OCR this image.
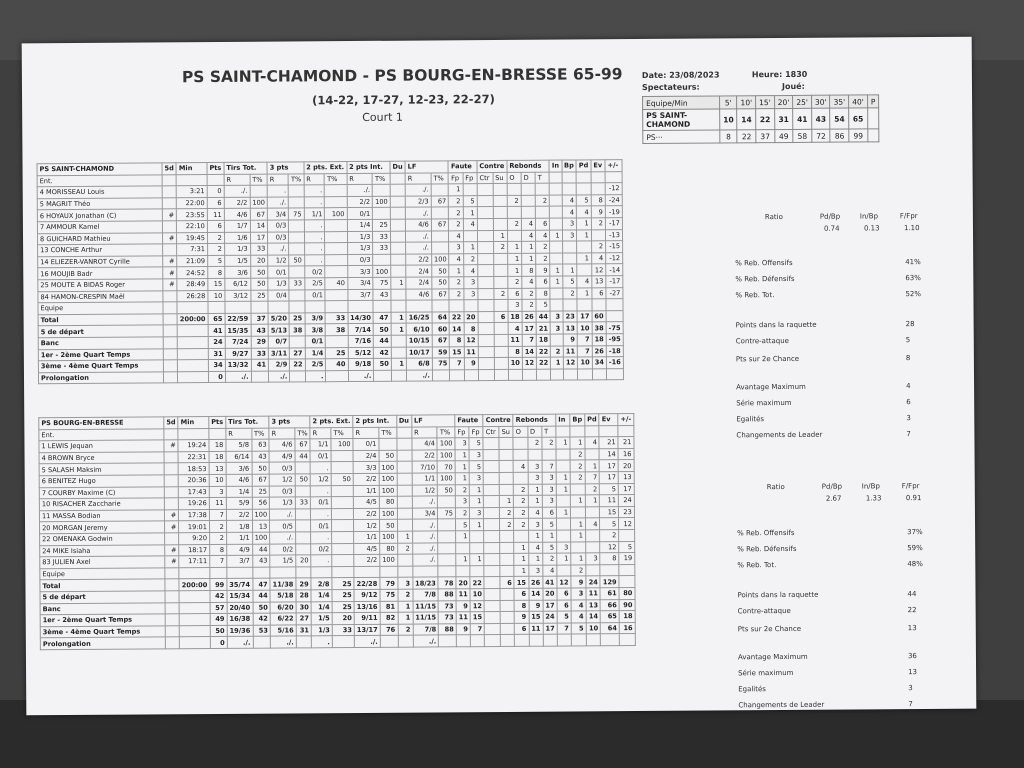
PS SAINT-CHAMOND - PS BOURG-EN-BRESSE 65-99
(14-22, 17-27, 12-23, 22-27)
Court 1
Date: 23/08/2023	Heure: 1830
Spectateurs:	Joué:
Equipe/Min	5'	10'	15'	20'	25'	30'	35'	40'	P
PS SAINT-CHAMOND	10	14	22	31	41	43	54	65	
PS···	8	22	37	49	58	72	86	99	
PS SAINT-CHAMOND	5d	Min	Pts	Tirs Tot.		3 pts		2 pts. Ext.		2 pts Int.		Du	LF		Faute		Contre		Rebonds			In	Bp	Pd	Ev	+/-
Ent.				R	T%	R	T%	R	T%	R	T%		R	T%	Fp	Fp	Ctr	Su	O	D	T					
4 MORISSEAU Louis		3:21	0	./.		.		.		./.			./.		1											-12
5 MAGRIT Théo		22:00	6	2/2	100	./.		.		2/2	100		2/3	67	2	5			2		2		4	5	8	-24
6 HOYAUX Jonathan (C)	#	23:55	11	4/6	67	3/4	75	1/1	100	0/1			./.		2	1							4	4	9	-19
7 AMMOUR Kamel		22:10	6	1/7	14	0/3		.		1/4	25		4/6	67	2	4			2	4	6		3	1	2	-17
8 GUICHARD Mathieu	#	19:45	2	1/6	17	0/3		.		1/3	33		./.		4			1		4	4	1	3	1		-13
13 CONCHE Arthur		7:31	2	1/3	33	./.		.		1/3	33		./.		3	1		2	1	1	2				2	-15
14 ELIEZER-VANROT Cyrille	#	21:09	5	1/5	20	1/2	50	.		0/3			2/2	100	4	2			1	1	2			1	4	-12
16 MOUJIB Badr	#	24:52	8	3/6	50	0/1		0/2		3/3	100		2/4	50	1	4			1	8	9	1	1		12	-14
25 MOUTE A BIDAS Roger	#	28:49	15	6/12	50	1/3	33	2/5	40	3/4	75	1	2/4	50	2	3			2	4	6	1	5	4	13	-17
84 HAMON-CRESPIN Maël		26:28	10	3/12	25	0/4		0/1		3/7	43		4/6	67	2	3		2	6	2	8		2	1	6	-27
Equipe																			3	2	5					
Total		200:00	65	22/59	37	5/20	25	3/9	33	14/30	47	1	16/25	64	22	20		6	18	26	44	3	23	17	60	
5 de départ			41	15/35	43	5/13	38	3/8	38	7/14	50	1	6/10	60	14	8			4	17	21	3	13	10	38	-75
Banc			24	7/24	29	0/7		0/1		7/16	44		10/15	67	8	12			11	7	18		9	7	18	-95
1er - 2ème Quart Temps			31	9/27	33	3/11	27	1/4	25	5/12	42		10/17	59	15	11			8	14	22	2	11	7	26	-18
3ème - 4ème Quart Temps			34	13/32	41	2/9	22	2/5	40	9/18	50	1	6/8	75	7	9			10	12	22	1	12	10	34	-16
Prolongation			0	./.		./.		.		./.			./.													
PS BOURG-EN-BRESSE	5d	Min	Pts	Tirs Tot.		3 pts		2 pts. Ext.		2 pts Int.		Du	LF		Faute		Contre		Rebonds			In	Bp	Pd	Ev	+/-
Ent.				R	T%	R	T%	R	T%	R	T%		R	T%	Fp	Fp	Ctr	Su	O	D	T					
1 LEWIS Jequan	#	19:24	18	5/8	63	4/6	67	1/1	100	0/1			4/4	100	3	5				2	2	1	1	4	21	21
4 BROWN Bryce		22:31	18	6/14	43	4/9	44	0/1		2/4	50		2/2	100	1	3							2		14	16
5 SALASH Maksim		18:53	13	3/6	50	0/3		.		3/3	100		7/10	70	1	5			4	3	7		2	1	17	20
6 BENITEZ Hugo		20:36	10	4/6	67	1/2	50	1/2	50	2/2	100		1/1	100	1	3				3	3	1	2	7	17	13
7 COURBY Maxime (C)		17:43	3	1/4	25	0/3		.		1/1	100		1/2	50	2	1			2	1	3	1		2	5	17
10 RISACHER Zaccharie		19:26	11	5/9	56	1/3	33	0/1		4/5	80		./.		3	1		1	2	1	3		1	1	11	24
11 MASSA Bodian	#	17:38	7	2/2	100	./.		.		2/2	100		3/4	75	2	3		2	2	4	6	1			15	23
20 MORGAN Jeremy	#	19:01	2	1/8	13	0/5		0/1		1/2	50		./.		5	1		2	2	3	5		1	4	5	12
22 OMENAKA Godwin		9:20	2	1/1	100	./.		.		1/1	100	1	./.		1					1	1		1		2	
24 MIKE Isiaha	#	18:17	8	4/9	44	0/2		0/2		4/5	80	2	./.						1	4	5	3			12	5
83 JULIEN Axel	#	17:11	7	3/7	43	1/5	20	.		2/2	100		./.		1	1			1	1	2	1	1	3	8	19
Equipe																			1	3	4		2			
Total		200:00	99	35/74	47	11/38	29	2/8	25	22/28	79	3	18/23	78	20	22		6	15	26	41	12	9	24	129	
5 de départ			42	15/34	44	5/18	28	1/4	25	9/12	75	2	7/8	88	11	10			6	14	20	6	3	11	61	80
Banc			57	20/40	50	6/20	30	1/4	25	13/16	81	1	11/15	73	9	12			8	9	17	6	4	13	66	90
1er - 2ème Quart Temps			49	16/38	42	6/22	27	1/5	20	9/11	82	1	11/15	73	11	15			9	15	24	5	4	14	65	18
3ème - 4ème Quart Temps			50	19/36	53	5/16	31	1/3	33	13/17	76	2	7/8	88	9	7			6	11	17	7	5	10	64	16
Prolongation			0	./.		./.		.		./.			./.													
Ratio	Pd/Bp	In/Bp	F/Fpr
0.74	0.13	1.10
% Reb. Offensifs	41%
% Reb. Défensifs	63%
% Reb. Tot.	52%
Points dans la raquette	28
Contre-attaque	5
Pts sur 2e Chance	8
Avantage Maximum	4
Série maximum	6
Egalités	3
Changements de Leader	7
Ratio	Pd/Bp	In/Bp	F/Fpr
2.67	1.33	0.91
% Reb. Offensifs	37%
% Reb. Défensifs	59%
% Reb. Tot.	48%
Points dans la raquette	44
Contre-attaque	22
Pts sur 2e Chance	13
Avantage Maximum	36
Série maximum	13
Egalités	3
Changements de Leader	7
